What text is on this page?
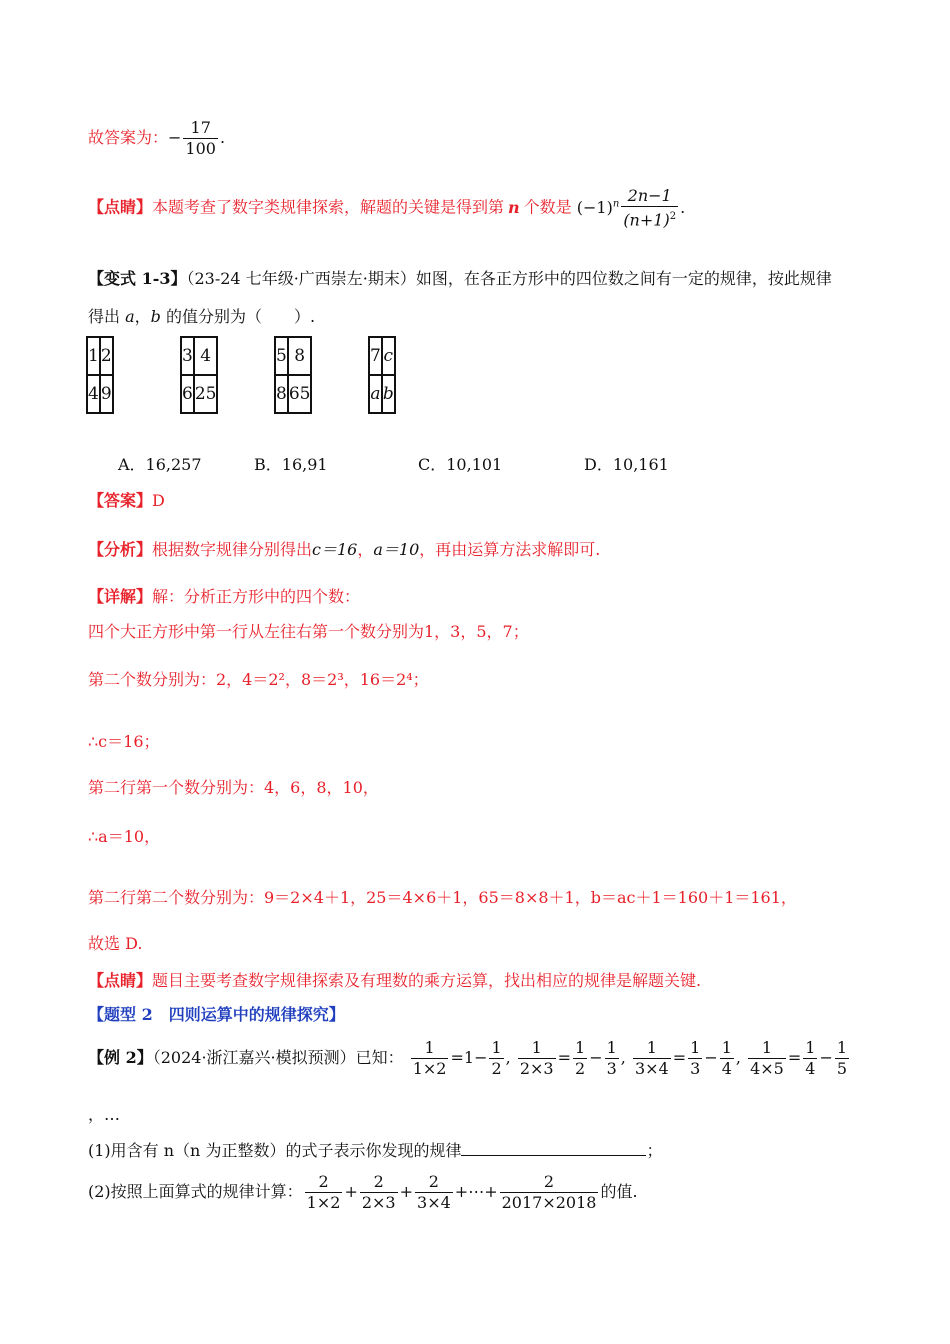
故答案为：− $\frac{17}{100}$ .
【点睛】本题考查了数字类规律探索，解题的关键是得到第 n 个数是 $(-1)^n \frac{2n-1}{(n+1)^2}$ .
【变式 1-3】（23-24 七年级·广西崇左·期末）如图，在各正方形中的四位数之间有一定的规律，按此规律
得出 a，b 的值分别为（　　）.
1	2
4	9
3	4
6	25
5	8
8	65
7	c
a	b
A．16,257	B．16,91	C．10,101	D．10,161
【答案】D
【分析】根据数字规律分别得出c＝16，a＝10，再由运算方法求解即可.
【详解】解：分析正方形中的四个数：
四个大正方形中第一行从左往右第一个数分别为1，3，5，7；
第二个数分别为：2，4＝2²，8＝2³，16＝2⁴；
∴c＝16；
第二行第一个数分别为：4，6，8，10，
∴a＝10，
第二行第二个数分别为：9＝2×4＋1，25＝4×6＋1，65＝8×8＋1，b＝ac＋1＝160＋1＝161，
故选 D.
【点睛】题目主要考查数字规律探索及有理数的乘方运算，找出相应的规律是解题关键.
【题型 2　四则运算中的规律探究】
【例 2】（2024·浙江嘉兴·模拟预测）已知： $\frac{1}{1\times 2} =1- \frac{1}{2}$ , $\frac{1}{2\times 3} = \frac{1}{2} - \frac{1}{3}$ , $\frac{1}{3\times 4} = \frac{1}{3} - \frac{1}{4}$ , $\frac{1}{4\times 5} = \frac{1}{4} - \frac{1}{5}$
，…
(1)用含有 n（n 为正整数）的式子表示你发现的规律	；
(2)按照上面算式的规律计算： $\frac{2}{1\times 2} + \frac{2}{2\times 3} + \frac{2}{3\times 4}$ +⋯+ $\frac{2}{2017\times 2018}$ 的值.
